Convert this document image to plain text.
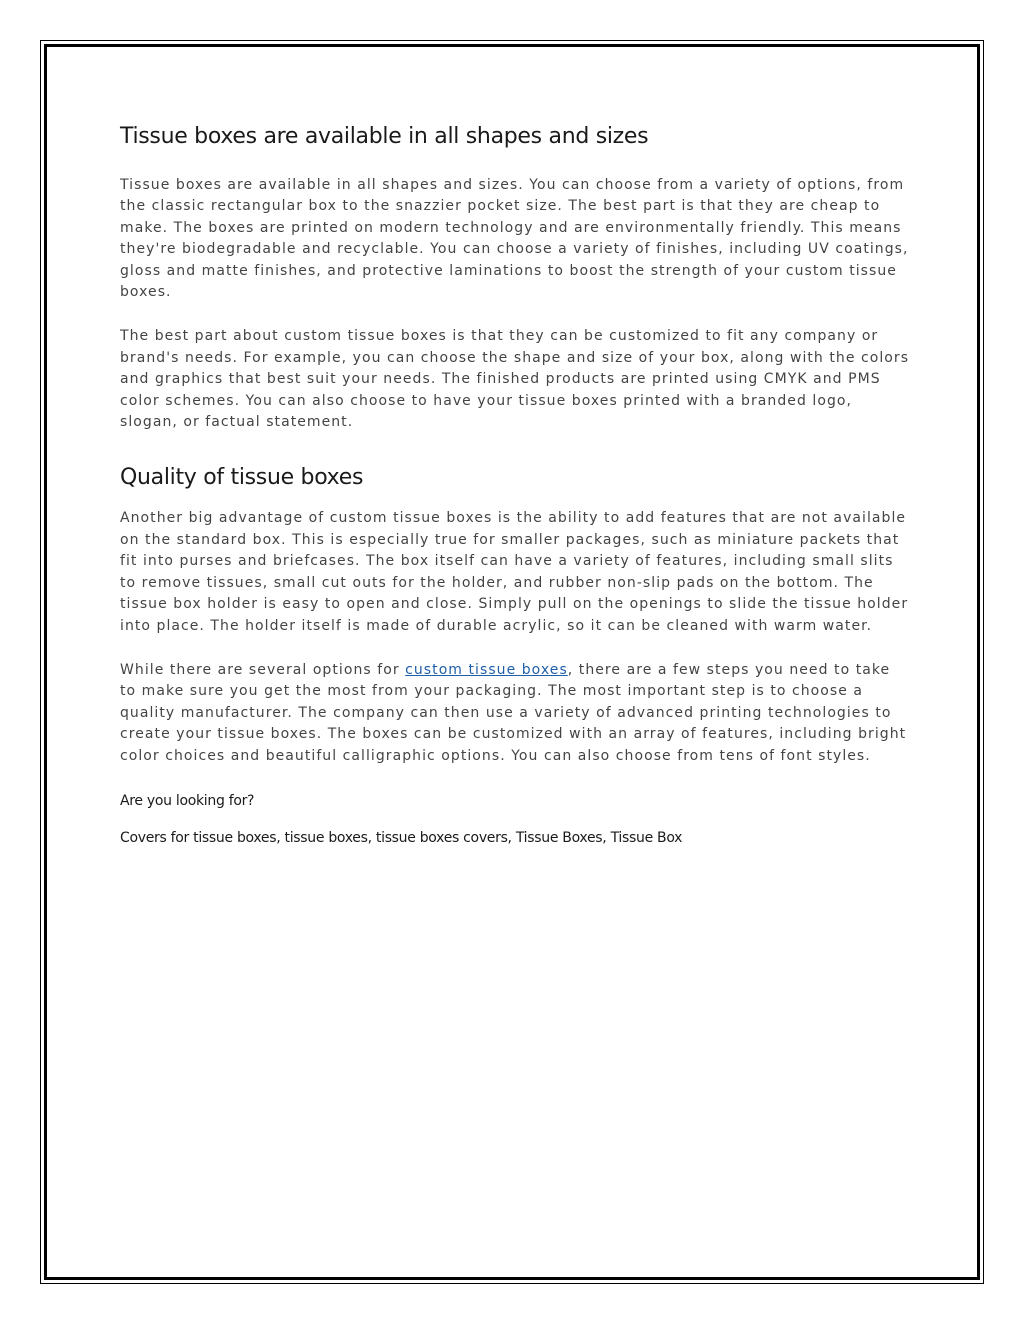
Tissue boxes are available in all shapes and sizes

Tissue boxes are available in all shapes and sizes. You can choose from a variety of options, from the classic rectangular box to the snazzier pocket size. The best part is that they are cheap to make. The boxes are printed on modern technology and are environmentally friendly. This means they're biodegradable and recyclable. You can choose a variety of finishes, including UV coatings, gloss and matte finishes, and protective laminations to boost the strength of your custom tissue boxes.

The best part about custom tissue boxes is that they can be customized to fit any company or brand's needs. For example, you can choose the shape and size of your box, along with the colors and graphics that best suit your needs. The finished products are printed using CMYK and PMS color schemes. You can also choose to have your tissue boxes printed with a branded logo, slogan, or factual statement.

Quality of tissue boxes

Another big advantage of custom tissue boxes is the ability to add features that are not available on the standard box. This is especially true for smaller packages, such as miniature packets that fit into purses and briefcases. The box itself can have a variety of features, including small slits to remove tissues, small cut outs for the holder, and rubber non-slip pads on the bottom. The tissue box holder is easy to open and close. Simply pull on the openings to slide the tissue holder into place. The holder itself is made of durable acrylic, so it can be cleaned with warm water.

While there are several options for custom tissue boxes, there are a few steps you need to take to make sure you get the most from your packaging. The most important step is to choose a quality manufacturer. The company can then use a variety of advanced printing technologies to create your tissue boxes. The boxes can be customized with an array of features, including bright color choices and beautiful calligraphic options. You can also choose from tens of font styles.

Are you looking for?

Covers for tissue boxes, tissue boxes, tissue boxes covers, Tissue Boxes, Tissue Box
